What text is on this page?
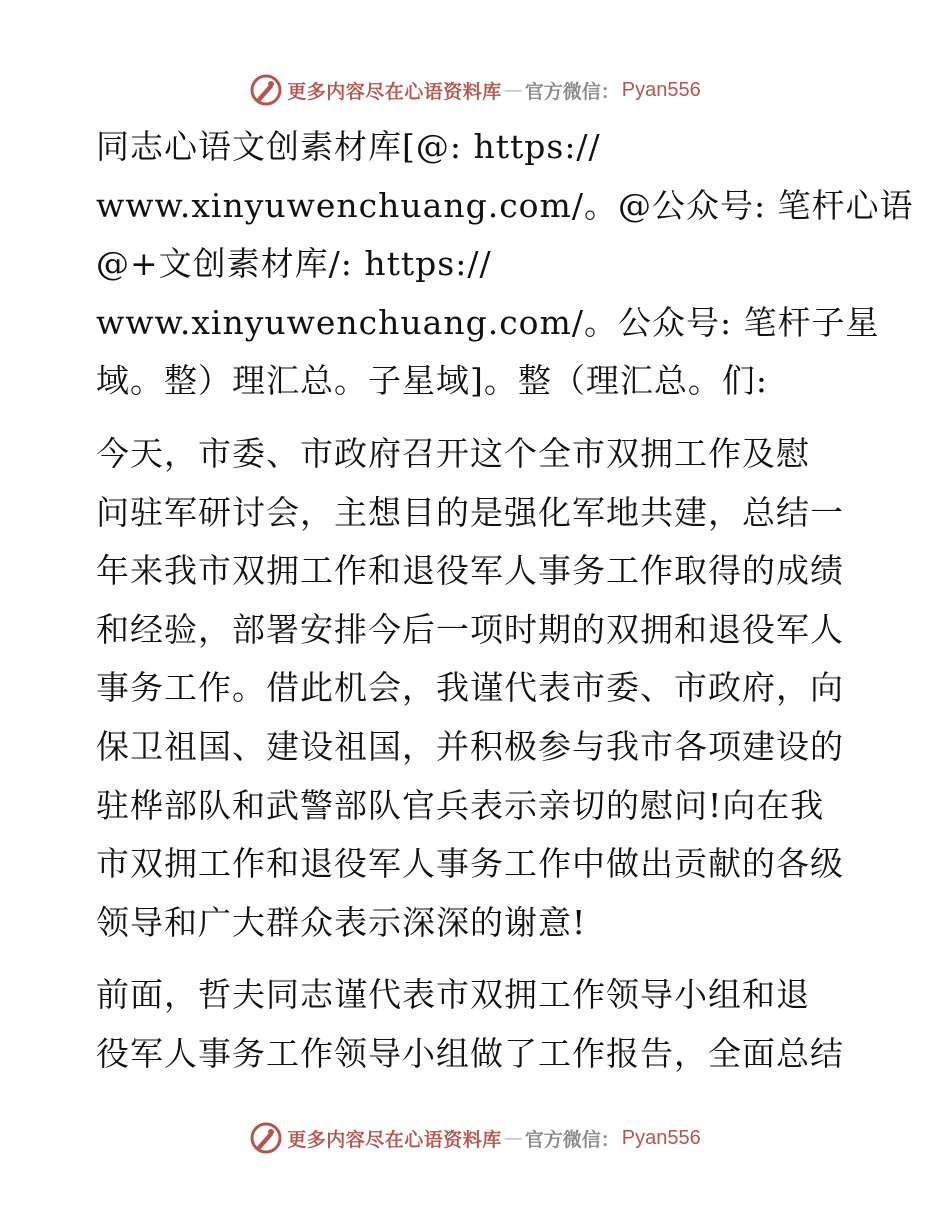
更多内容尽在心语资料库 — 官方微信： Pyan556
同志心语文创素材库[@: https://
www.xinyuwenchuang.com/。@公众号: 笔杆心语
@+文创素材库/: https://
www.xinyuwenchuang.com/。公众号: 笔杆子星
域。整）理汇总。子星域]。整（理汇总。们:
今天，市委、市政府召开这个全市双拥工作及慰
问驻军研讨会，主想目的是强化军地共建，总结一
年来我市双拥工作和退役军人事务工作取得的成绩
和经验，部署安排今后一项时期的双拥和退役军人
事务工作。借此机会，我谨代表市委、市政府，向
保卫祖国、建设祖国，并积极参与我市各项建设的
驻桦部队和武警部队官兵表示亲切的慰问!向在我
市双拥工作和退役军人事务工作中做出贡献的各级
领导和广大群众表示深深的谢意!
前面，哲夫同志谨代表市双拥工作领导小组和退
役军人事务工作领导小组做了工作报告，全面总结
更多内容尽在心语资料库 — 官方微信： Pyan556
